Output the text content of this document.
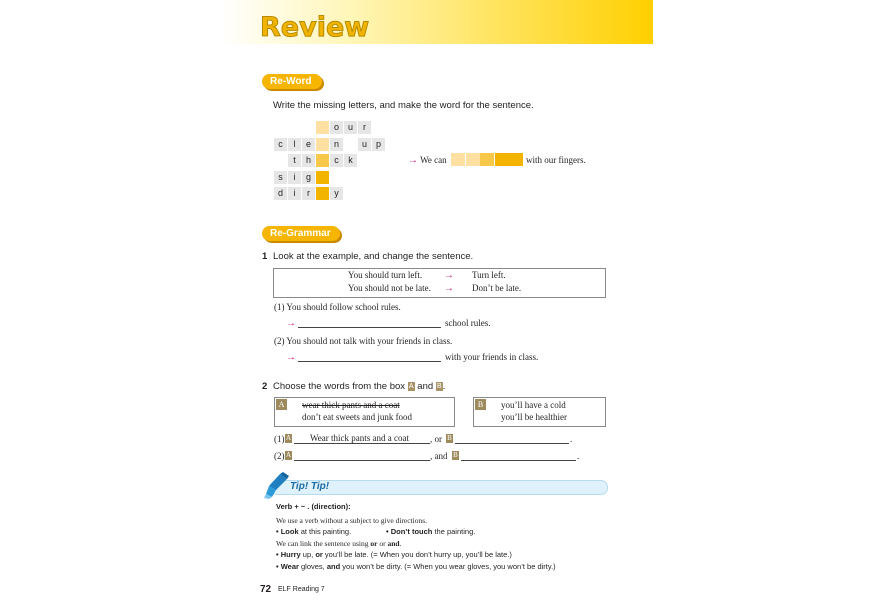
Review
Re-Word
Write the missing letters, and make the word for the sentence.
o u	r
c	l	e	n	u p
t	h	c	k
s	i	g
d	i	r	y
→ We can	with our fingers.
Re-Grammar
1 Look at the example, and change the sentence.
You should turn left. → Turn left.
You should not be late. → Don’t be late.
(1) You should follow school rules.
→	school rules.
(2) You should not talk with your friends in class.
→	with your friends in class.
2 Choose the words from the box A and B.
A wear thick pants and a coat
don’t eat sweets and junk food
B	you’ll have a cold
you’ll be healthier
(1) A Wear thick pants and a coat , or B	.
(2) A	, and B	.
Tip! Tip!
Verb + ~ . (direction):
We use a verb without a subject to give directions.
• Look at this painting.	• Don’t touch the painting.
We can link the sentence using or or and.
• Hurry up, or you’ll be late. (= When you don’t hurry up, you’ll be late.)
• Wear gloves, and you won’t be dirty. (= When you wear gloves, you won’t be dirty.)
72 ELF Reading 7
